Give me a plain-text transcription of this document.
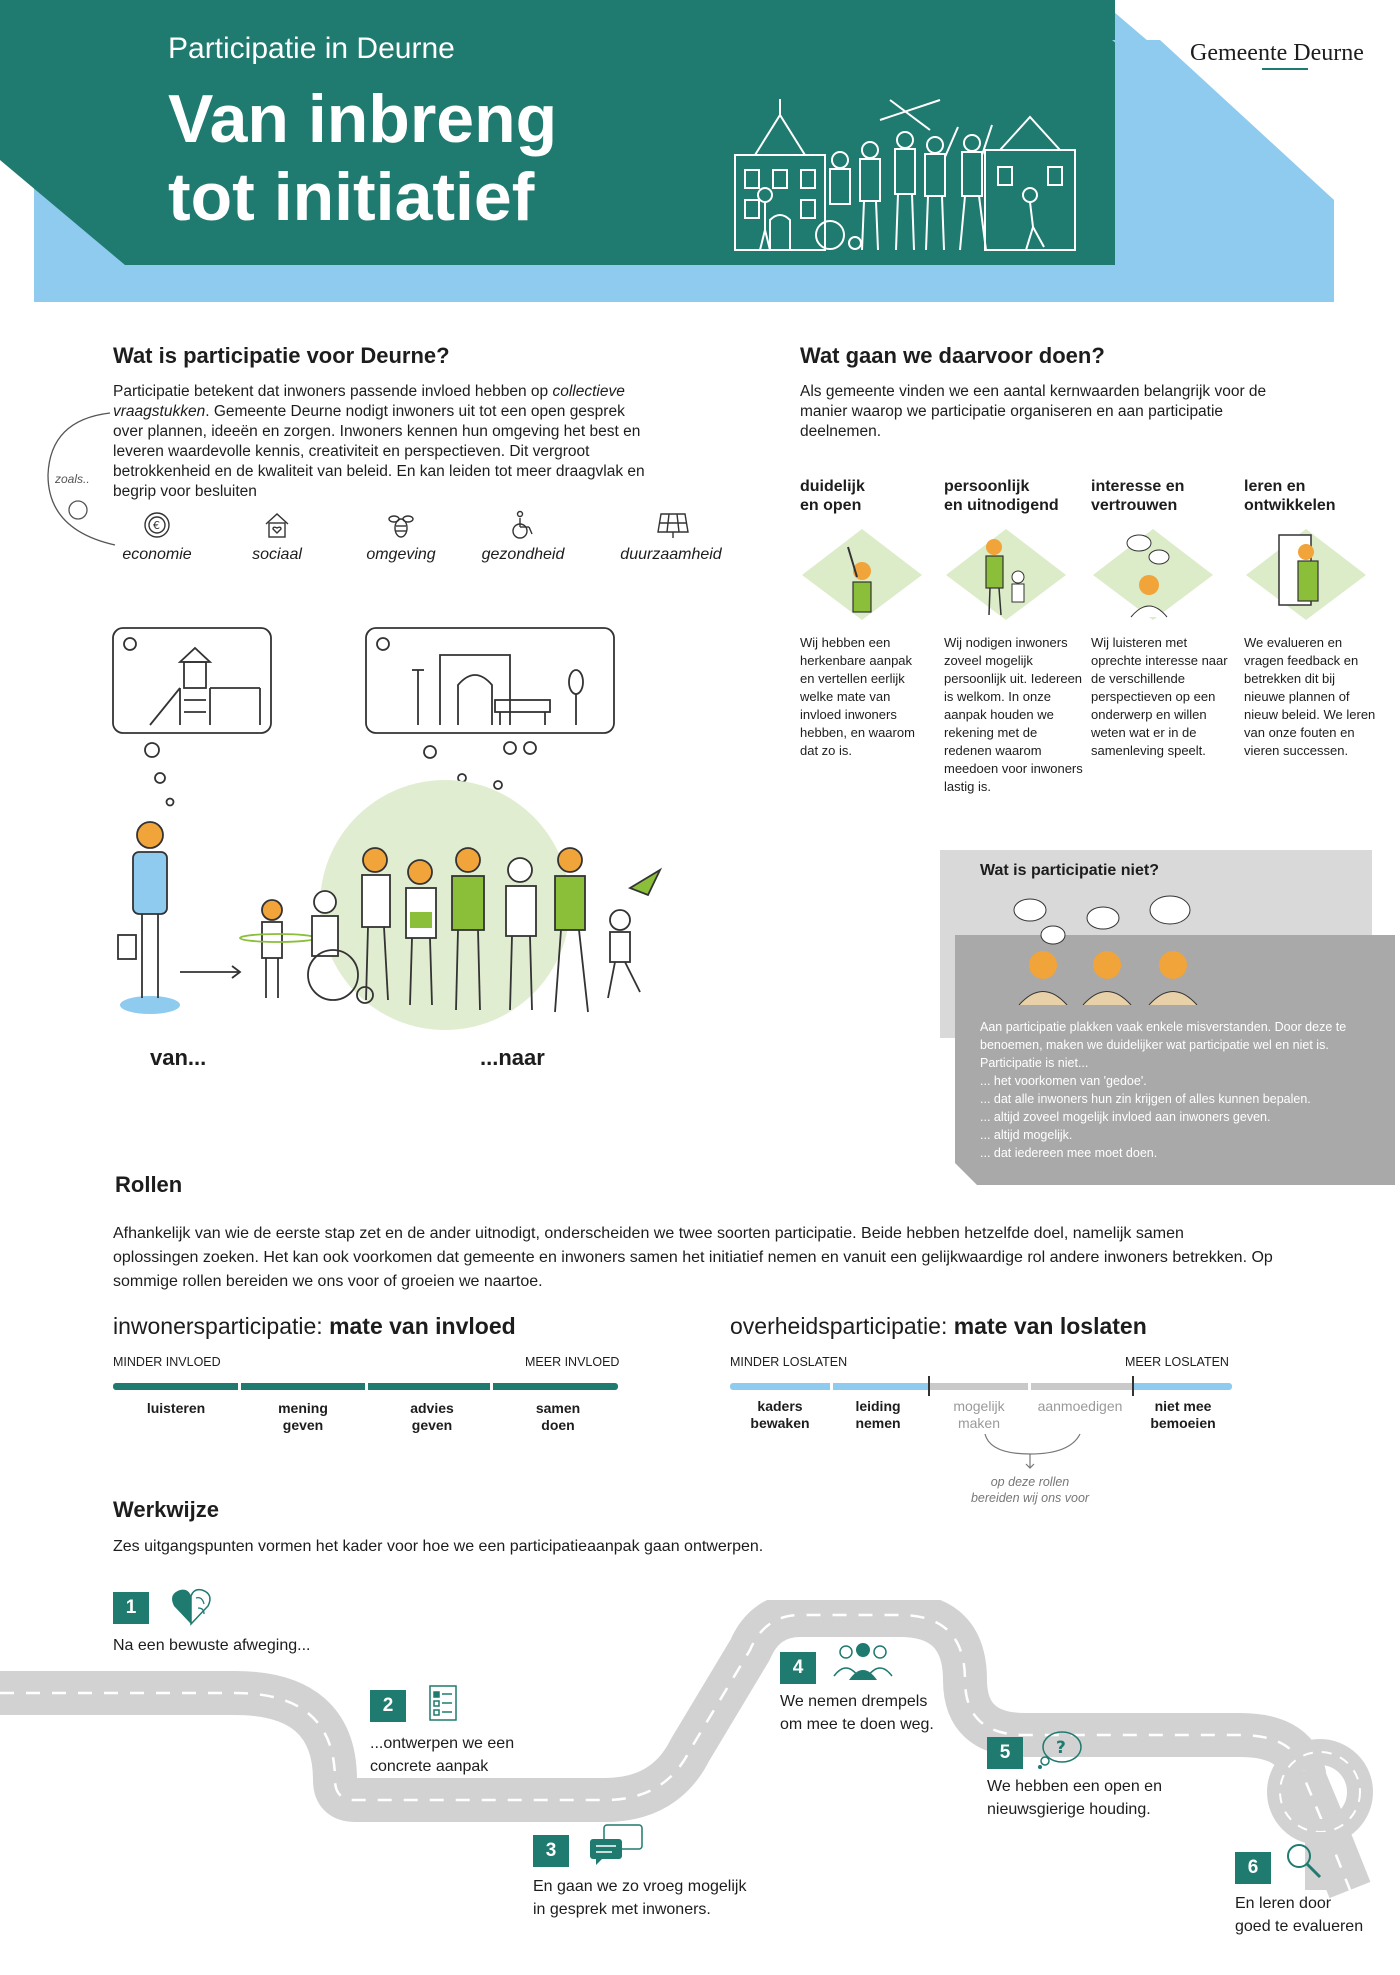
Participatie in Deurne
Van inbreng
tot initiatief
Gemeente Deurne
Wat is participatie voor Deurne?

Participatie betekent dat inwoners passende invloed hebben op collectieve vraagstukken. Gemeente Deurne nodigt inwoners uit tot een open gesprek over plannen, ideeën en zorgen. Inwoners kennen hun omgeving het best en leveren waardevolle kennis, creativiteit en perspectieven. Dit vergroot betrokkenheid en de kwaliteit van beleid. En kan leiden tot meer draagvlak en begrip voor besluiten

zoals..
€
economie	sociaal	omgeving	gezondheid	duurzaamheid
van...	...naar
Wat gaan we daarvoor doen?

Als gemeente vinden we een aantal kernwaarden belangrijk voor de manier waarop we participatie organiseren en aan participatie deelnemen.

duidelijk
en open
Wij hebben een herkenbare aanpak en vertellen eerlijk welke mate van invloed inwoners hebben, en waarom dat zo is.
persoonlijk
en uitnodigend
Wij nodigen inwoners zoveel mogelijk persoonlijk uit. Iedereen is welkom. In onze aanpak houden we rekening met de redenen waarom meedoen voor inwoners lastig is.
interesse en
vertrouwen
Wij luisteren met oprechte interesse naar de verschillende perspectieven op een onderwerp en willen weten wat er in de samenleving speelt.
leren en
ontwikkelen
We evalueren en vragen feedback en betrekken dit bij nieuwe plannen of nieuw beleid. We leren van onze fouten en vieren successen.
Wat is participatie niet?
Aan participatie plakken vaak enkele misverstanden. Door deze te benoemen, maken we duidelijker wat participatie wel en niet is. Participatie is niet...
... het voorkomen van 'gedoe'.
... dat alle inwoners hun zin krijgen of alles kunnen bepalen.
... altijd zoveel mogelijk invloed aan inwoners geven.
... altijd mogelijk.
... dat iedereen mee moet doen.
Rollen

Afhankelijk van wie de eerste stap zet en de ander uitnodigt, onderscheiden we twee soorten participatie. Beide hebben hetzelfde doel, namelijk samen oplossingen zoeken. Het kan ook voorkomen dat gemeente en inwoners samen het initiatief nemen en vanuit een gelijkwaardige rol andere inwoners betrekken. Op sommige rollen bereiden we ons voor of groeien we naartoe.

inwonersparticipatie: mate van invloed
MINDER INVLOED	MEER INVLOED
luisteren	mening
geven
advies
geven
samen
doen
overheidsparticipatie: mate van loslaten
MINDER LOSLATEN	MEER LOSLATEN
kaders
bewaken
leiding
nemen
mogelijk
maken
aanmoedigen	niet mee
bemoeien
op deze rollen
bereiden wij ons voor
Werkwijze

Zes uitgangspunten vormen het kader voor hoe we een participatieaanpak gaan ontwerpen.

1
Na een bewuste afweging...
2
...ontwerpen we een
concrete aanpak
3
En gaan we zo vroeg mogelijk
in gesprek met inwoners.
4
We nemen drempels
om mee te doen weg.
5	?
We hebben een open en
nieuwsgierige houding.
6
En leren door
goed te evalueren
